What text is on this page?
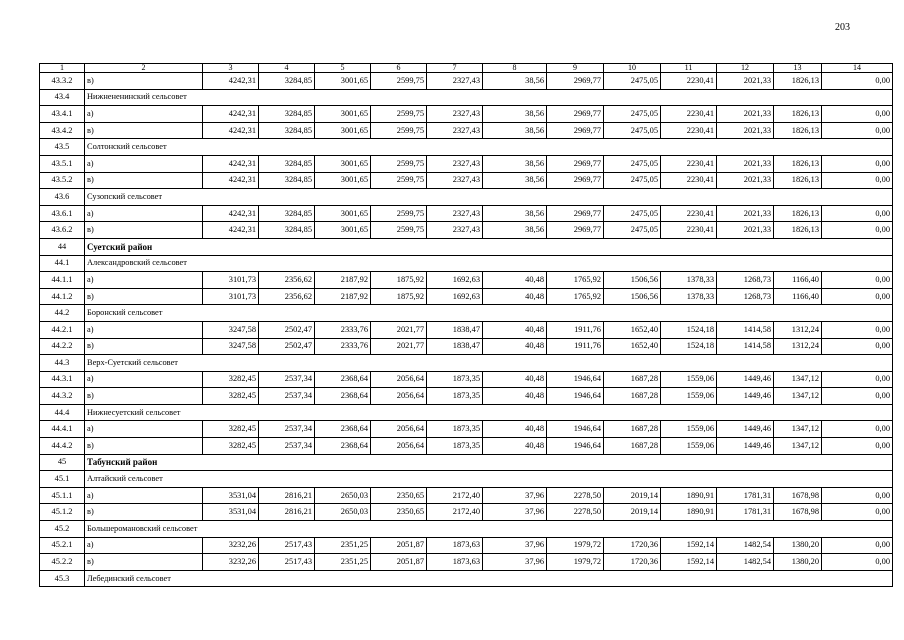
203
1	2	3	4	5	6	7	8	9	10	11	12	13	14
43.3.2	в)	4242,31	3284,85	3001,65	2599,75	2327,43	38,56	2969,77	2475,05	2230,41	2021,33	1826,13	0,00
43.4	Нижнененинский сельсовет												
43.4.1	а)	4242,31	3284,85	3001,65	2599,75	2327,43	38,56	2969,77	2475,05	2230,41	2021,33	1826,13	0,00
43.4.2	в)	4242,31	3284,85	3001,65	2599,75	2327,43	38,56	2969,77	2475,05	2230,41	2021,33	1826,13	0,00
43.5	Солтонский сельсовет												
43.5.1	а)	4242,31	3284,85	3001,65	2599,75	2327,43	38,56	2969,77	2475,05	2230,41	2021,33	1826,13	0,00
43.5.2	в)	4242,31	3284,85	3001,65	2599,75	2327,43	38,56	2969,77	2475,05	2230,41	2021,33	1826,13	0,00
43.6	Сузопский сельсовет												
43.6.1	а)	4242,31	3284,85	3001,65	2599,75	2327,43	38,56	2969,77	2475,05	2230,41	2021,33	1826,13	0,00
43.6.2	в)	4242,31	3284,85	3001,65	2599,75	2327,43	38,56	2969,77	2475,05	2230,41	2021,33	1826,13	0,00
44	Суетский район												
44.1	Александровский сельсовет												
44.1.1	а)	3101,73	2356,62	2187,92	1875,92	1692,63	40,48	1765,92	1506,56	1378,33	1268,73	1166,40	0,00
44.1.2	в)	3101,73	2356,62	2187,92	1875,92	1692,63	40,48	1765,92	1506,56	1378,33	1268,73	1166,40	0,00
44.2	Боронский сельсовет												
44.2.1	а)	3247,58	2502,47	2333,76	2021,77	1838,47	40,48	1911,76	1652,40	1524,18	1414,58	1312,24	0,00
44.2.2	в)	3247,58	2502,47	2333,76	2021,77	1838,47	40,48	1911,76	1652,40	1524,18	1414,58	1312,24	0,00
44.3	Верх-Суетский сельсовет												
44.3.1	а)	3282,45	2537,34	2368,64	2056,64	1873,35	40,48	1946,64	1687,28	1559,06	1449,46	1347,12	0,00
44.3.2	в)	3282,45	2537,34	2368,64	2056,64	1873,35	40,48	1946,64	1687,28	1559,06	1449,46	1347,12	0,00
44.4	Нижнесуетский сельсовет												
44.4.1	а)	3282,45	2537,34	2368,64	2056,64	1873,35	40,48	1946,64	1687,28	1559,06	1449,46	1347,12	0,00
44.4.2	в)	3282,45	2537,34	2368,64	2056,64	1873,35	40,48	1946,64	1687,28	1559,06	1449,46	1347,12	0,00
45	Табунский район												
45.1	Алтайский сельсовет												
45.1.1	а)	3531,04	2816,21	2650,03	2350,65	2172,40	37,96	2278,50	2019,14	1890,91	1781,31	1678,98	0,00
45.1.2	в)	3531,04	2816,21	2650,03	2350,65	2172,40	37,96	2278,50	2019,14	1890,91	1781,31	1678,98	0,00
45.2	Большеромановский сельсовет												
45.2.1	а)	3232,26	2517,43	2351,25	2051,87	1873,63	37,96	1979,72	1720,36	1592,14	1482,54	1380,20	0,00
45.2.2	в)	3232,26	2517,43	2351,25	2051,87	1873,63	37,96	1979,72	1720,36	1592,14	1482,54	1380,20	0,00
45.3	Лебединский сельсовет												
